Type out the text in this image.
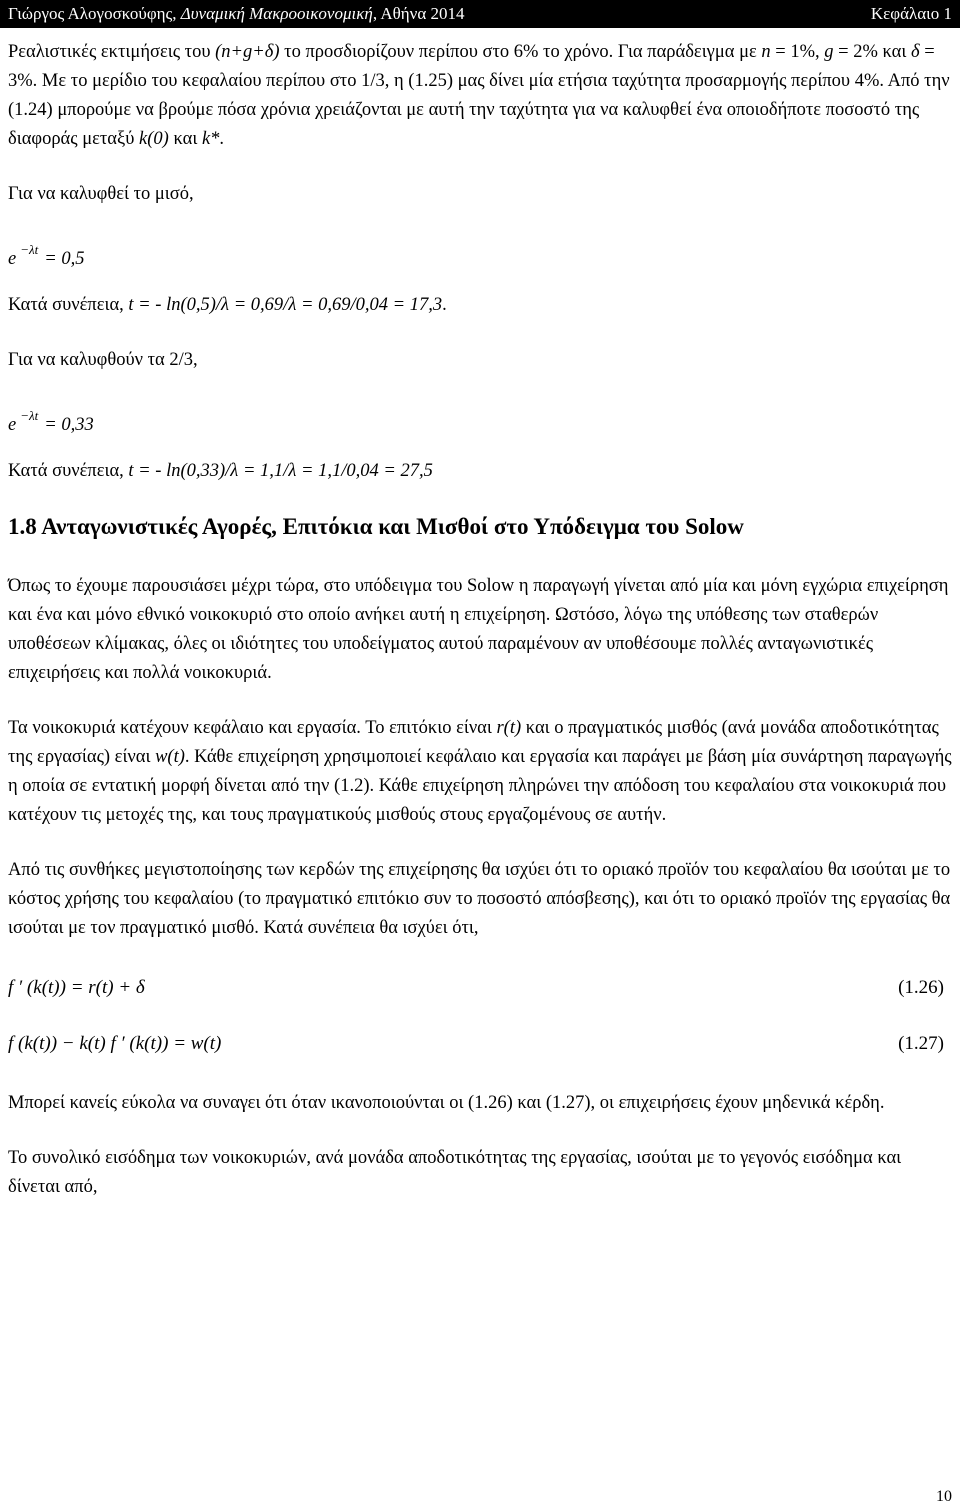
Γιώργος Αλογοσκούφης, Δυναμική Μακροοικονομική, Αθήνα 2014	Κεφάλαιο 1

Ρεαλιστικές εκτιμήσεις του (n+g+δ) το προσδιορίζουν περίπου στο 6% το χρόνο. Για παράδειγμα με n = 1%, g = 2% και δ = 3%. Με το μερίδιο του κεφαλαίου περίπου στο 1/3, η (1.25) μας δίνει μία ετήσια ταχύτητα προσαρμογής περίπου 4%. Από την (1.24) μπορούμε να βρούμε πόσα χρόνια χρειάζονται με αυτή την ταχύτητα για να καλυφθεί ένα οποιοδήποτε ποσοστό της διαφοράς μεταξύ k(0) και k*.

Για να καλυφθεί το μισό,

e $^{-\lambda t}$ = 0,5

Κατά συνέπεια, t = - ln(0,5)/λ = 0,69/λ = 0,69/0,04 = 17,3.

Για να καλυφθούν τα 2/3,

e $^{-\lambda t}$ = 0,33

Κατά συνέπεια, t = - ln(0,33)/λ = 1,1/λ = 1,1/0,04 = 27,5

1.8 Ανταγωνιστικές Αγορές, Επιτόκια και Μισθοί στο Υπόδειγμα του Solow

Όπως το έχουμε παρουσιάσει μέχρι τώρα, στο υπόδειγμα του Solow η παραγωγή γίνεται από μία και μόνη εγχώρια επιχείρηση και ένα και μόνο εθνικό νοικοκυριό στο οποίο ανήκει αυτή η επιχείρηση. Ωστόσο, λόγω της υπόθεσης των σταθερών υποθέσεων κλίμακας, όλες οι ιδιότητες του υποδείγματος αυτού παραμένουν αν υποθέσουμε πολλές ανταγωνιστικές επιχειρήσεις και πολλά νοικοκυριά.

Τα νοικοκυριά κατέχουν κεφάλαιο και εργασία. Το επιτόκιο είναι r(t) και ο πραγματικός μισθός (ανά μονάδα αποδοτικότητας της εργασίας) είναι w(t). Κάθε επιχείρηση χρησιμοποιεί κεφάλαιο και εργασία και παράγει με βάση μία συνάρτηση παραγωγής η οποία σε εντατική μορφή δίνεται από την (1.2). Κάθε επιχείρηση πληρώνει την απόδοση του κεφαλαίου στα νοικοκυριά που κατέχουν τις μετοχές της, και τους πραγματικούς μισθούς στους εργαζομένους σε αυτήν.

Από τις συνθήκες μεγιστοποίησης των κερδών της επιχείρησης θα ισχύει ότι το οριακό προϊόν του κεφαλαίου θα ισούται με το κόστος χρήσης του κεφαλαίου (το πραγματικό επιτόκιο συν το ποσοστό απόσβεσης), και ότι το οριακό προϊόν της εργασίας θα ισούται με τον πραγματικό μισθό. Κατά συνέπεια θα ισχύει ότι,

f ′ (k(t)) = r(t) + δ	(1.26)
f (k(t)) − k(t) f ′ (k(t)) = w(t)	(1.27)

Μπορεί κανείς εύκολα να συναγει ότι όταν ικανοποιούνται οι (1.26) και (1.27), οι επιχειρήσεις έχουν μηδενικά κέρδη.

Το συνολικό εισόδημα των νοικοκυριών, ανά μονάδα αποδοτικότητας της εργασίας, ισούται με το γεγονός εισόδημα και δίνεται από,

10
